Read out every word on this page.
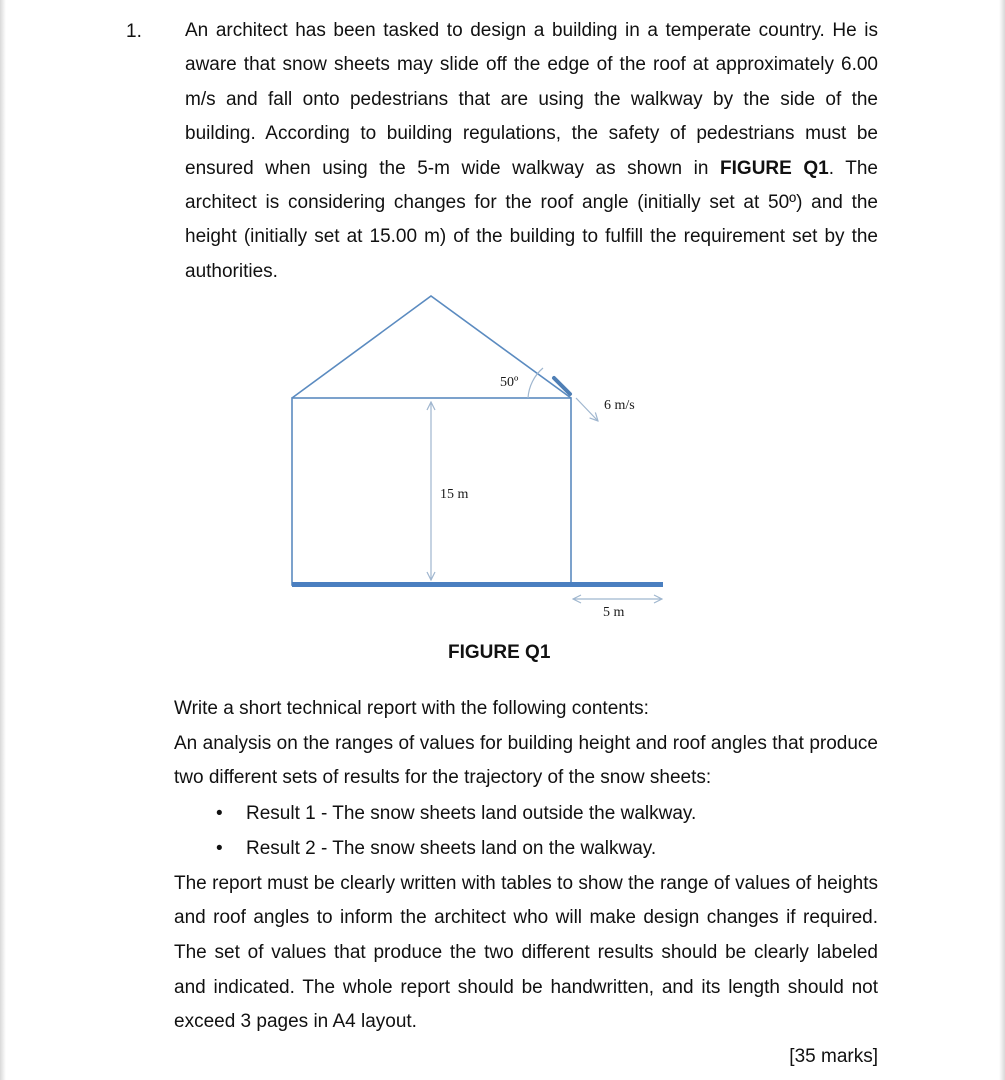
1. An architect has been tasked to design a building in a temperate country. He is aware that snow sheets may slide off the edge of the roof at approximately 6.00 m/s and fall onto pedestrians that are using the walkway by the side of the building. According to building regulations, the safety of pedestrians must be ensured when using the 5-m wide walkway as shown in FIGURE Q1. The architect is considering changes for the roof angle (initially set at 50º) and the height (initially set at 15.00 m) of the building to fulfill the requirement set by the authorities.

50º
6 m/s
15 m
5 m

FIGURE Q1

Write a short technical report with the following contents:

An analysis on the ranges of values for building height and roof angles that produce two different sets of results for the trajectory of the snow sheets:

• Result 1 - The snow sheets land outside the walkway.
• Result 2 - The snow sheets land on the walkway.

The report must be clearly written with tables to show the range of values of heights and roof angles to inform the architect who will make design changes if required. The set of values that produce the two different results should be clearly labeled and indicated. The whole report should be handwritten, and its length should not exceed 3 pages in A4 layout.

[35 marks]
